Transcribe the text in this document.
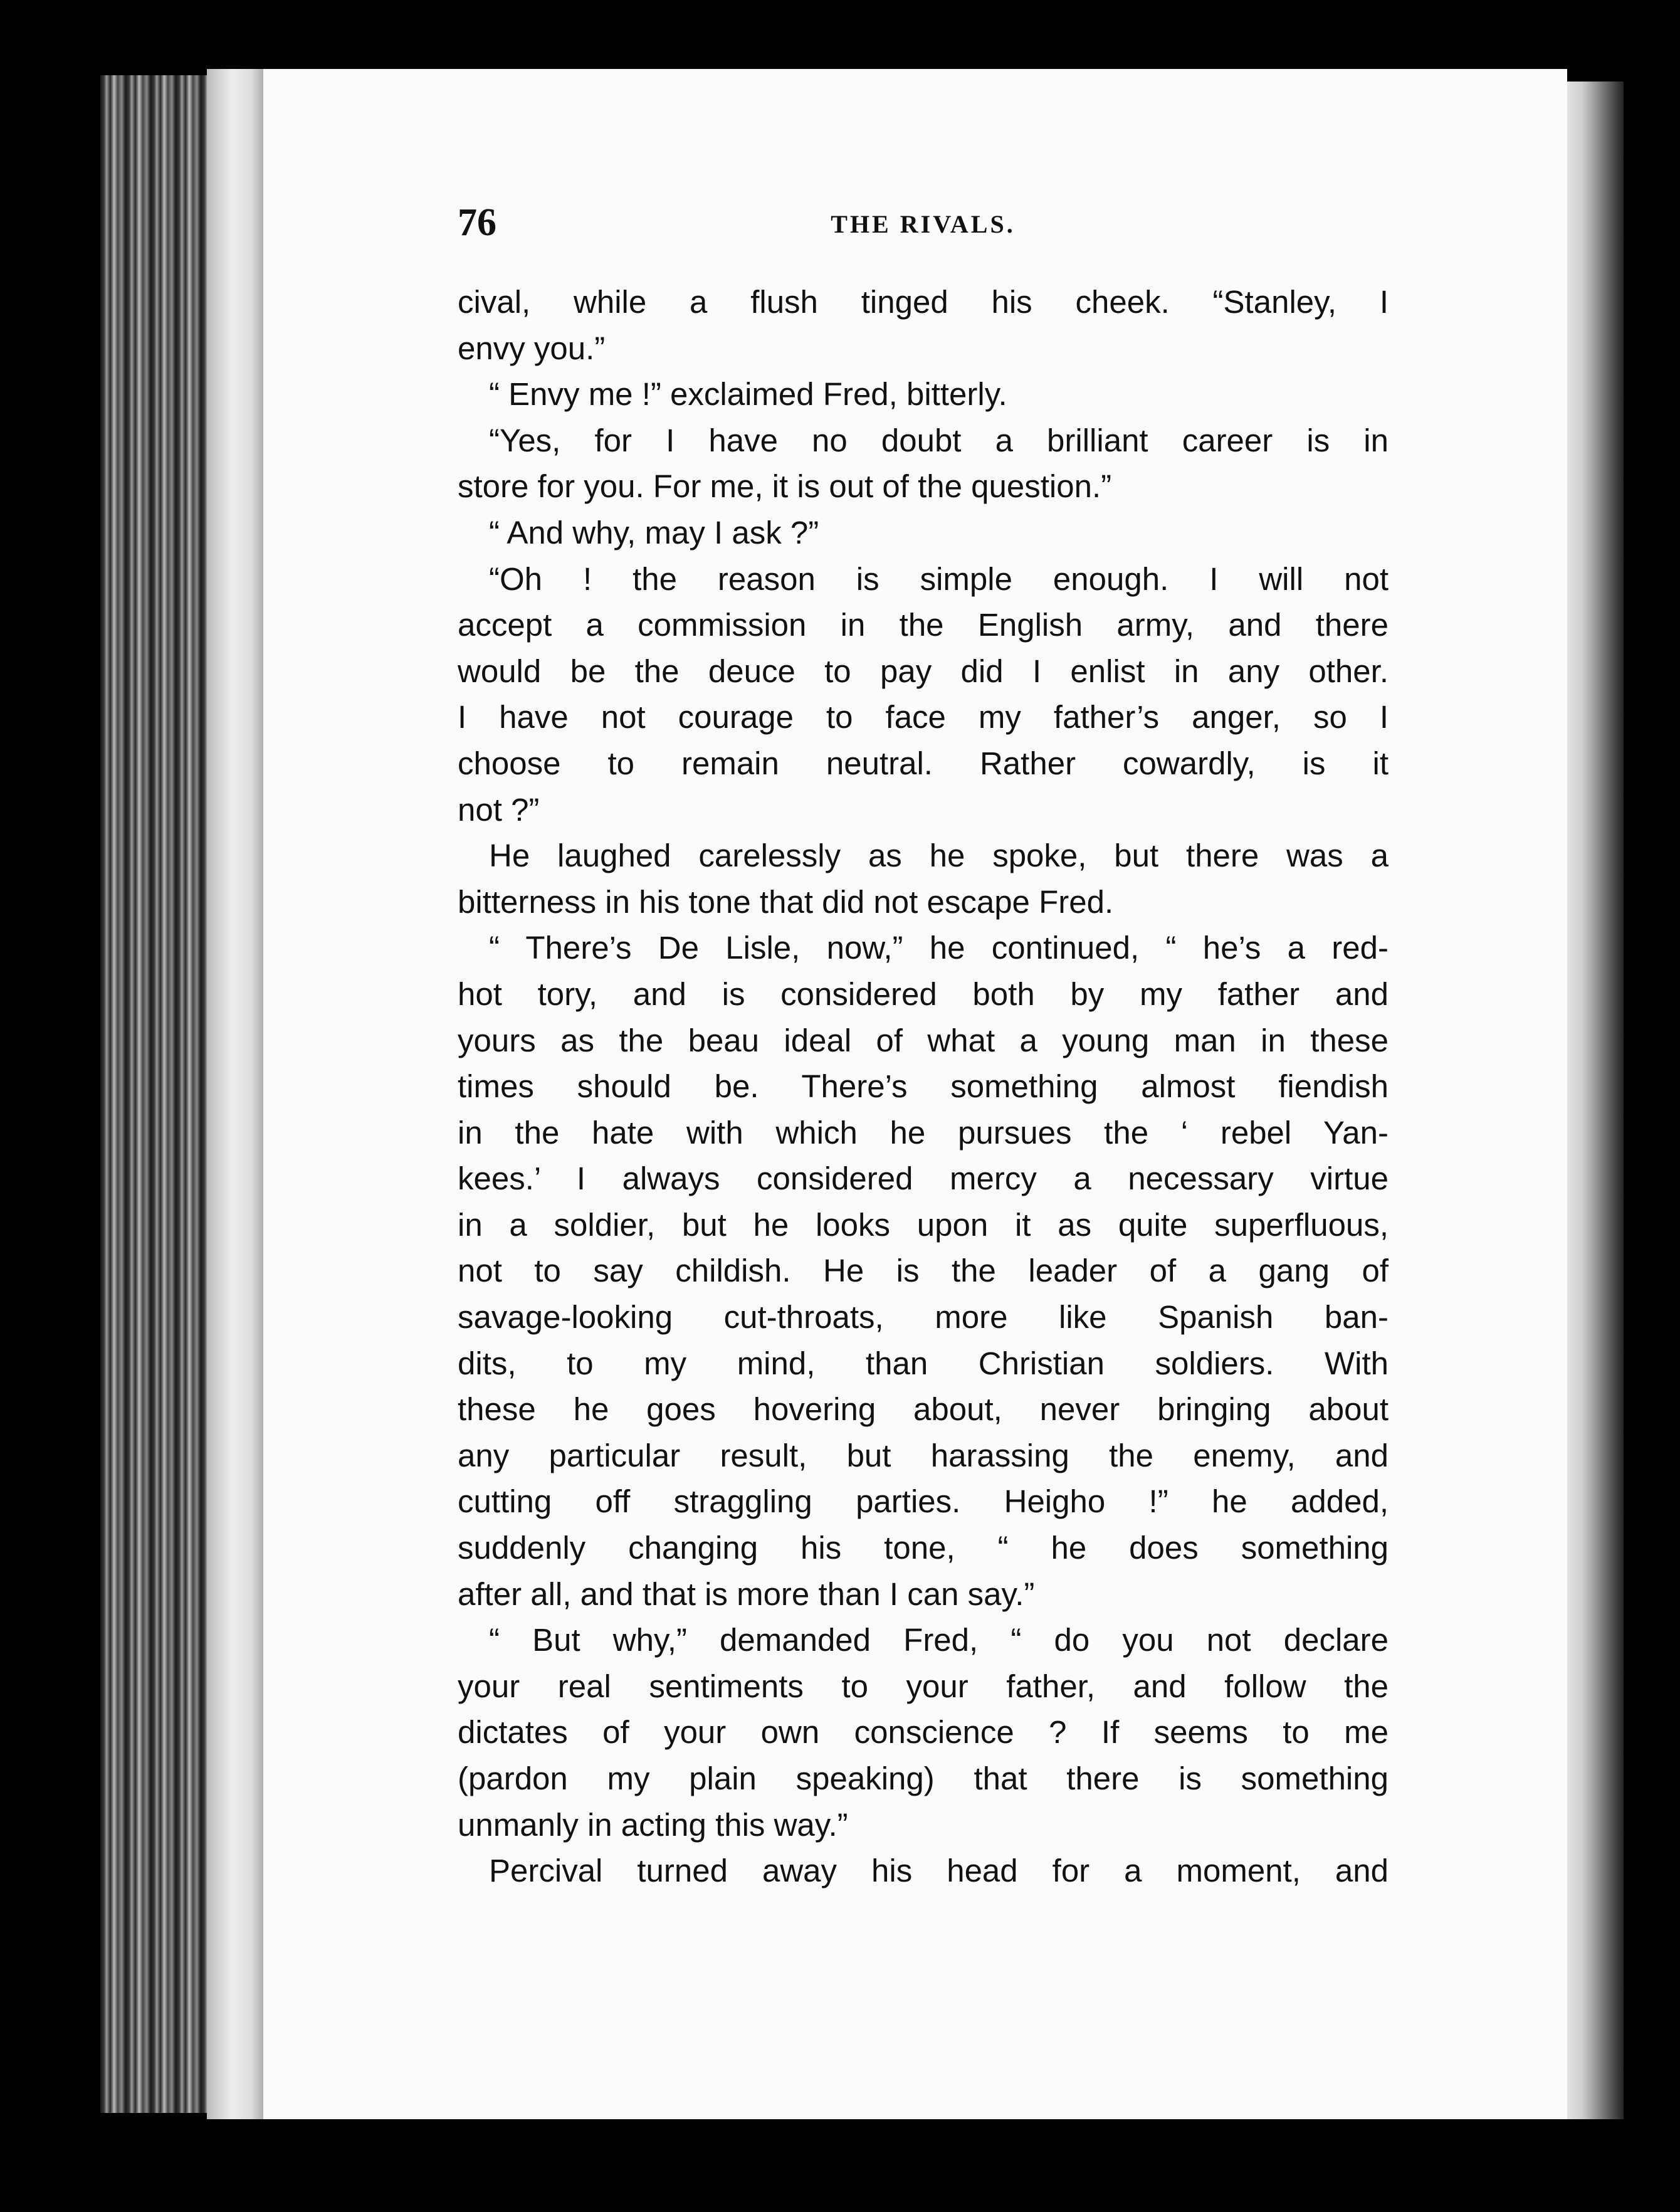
76	THE RIVALS.
cival, while a flush tinged his cheek. “Stanley, I
envy you.”
“ Envy me !” exclaimed Fred, bitterly.
“Yes, for I have no doubt a brilliant career is in
store for you. For me, it is out of the question.”
“ And why, may I ask ?”
“Oh ! the reason is simple enough. I will not
accept a commission in the English army, and there
would be the deuce to pay did I enlist in any other.
I have not courage to face my father’s anger, so I
choose to remain neutral. Rather cowardly, is it
not ?”
He laughed carelessly as he spoke, but there was a
bitterness in his tone that did not escape Fred.
“ There’s De Lisle, now,” he continued, “ he’s a red-
hot tory, and is considered both by my father and
yours as the beau ideal of what a young man in these
times should be. There’s something almost fiendish
in the hate with which he pursues the ‘ rebel Yan-
kees.’ I always considered mercy a necessary virtue
in a soldier, but he looks upon it as quite superfluous,
not to say childish. He is the leader of a gang of
savage-looking cut-throats, more like Spanish ban-
dits, to my mind, than Christian soldiers. With
these he goes hovering about, never bringing about
any particular result, but harassing the enemy, and
cutting off straggling parties. Heigho !” he added,
suddenly changing his tone, “ he does something
after all, and that is more than I can say.”
“ But why,” demanded Fred, “ do you not declare
your real sentiments to your father, and follow the
dictates of your own conscience ? If seems to me
(pardon my plain speaking) that there is something
unmanly in acting this way.”
Percival turned away his head for a moment, and
